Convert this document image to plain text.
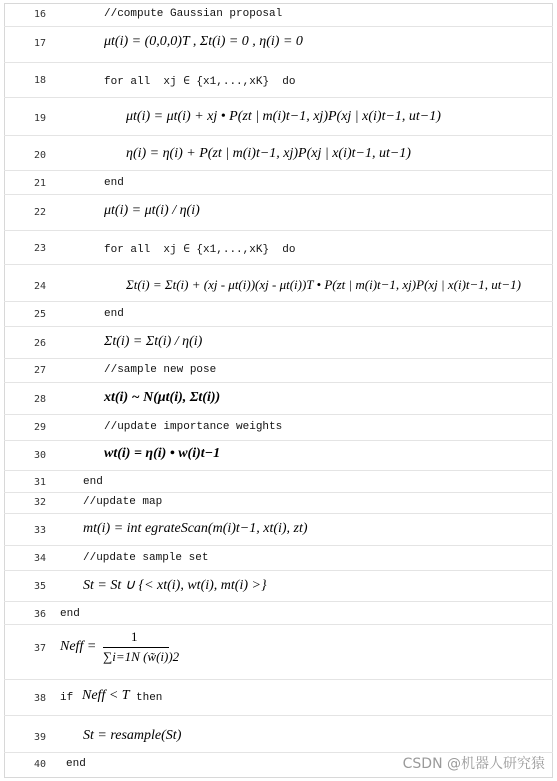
16	//compute Gaussian proposal
17	μt(i) = (0,0,0)T , Σt(i) = 0 , η(i) = 0
18	for all  xj ∈ {x1,...,xK}  do
19	μt(i) = μt(i) + xj • P(zt | m(i)t−1, xj)P(xj | x(i)t−1, ut−1)
20	η(i) = η(i) + P(zt | m(i)t−1, xj)P(xj | x(i)t−1, ut−1)
21	end
22	μt(i) = μt(i) / η(i)
23	for all  xj ∈ {x1,...,xK}  do
24	Σt(i) = Σt(i) + (xj - μt(i))(xj - μt(i))T • P(zt | m(i)t−1, xj)P(xj | x(i)t−1, ut−1)
25	end
26	Σt(i) = Σt(i) / η(i)
27	//sample new pose
28	xt(i) ~ N(μt(i), Σt(i))
29	//update importance weights
30	wt(i) = η(i) • w(i)t−1
31	end
32	//update map
33	mt(i) = int egrateScan(m(i)t−1, xt(i), zt)
34	//update sample set
35	St = St ∪ {< xt(i), wt(i), mt(i) >}
36 end
37 Neff =
1
∑i=1N (w̃(i))2
38 if Neff < T then
39	St = resample(St)
40 end	CSDN @机器人研究猿
